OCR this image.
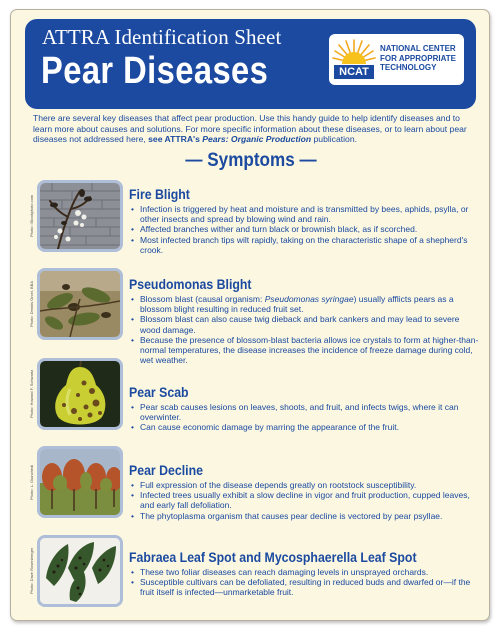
ATTRA Identification Sheet
Pear Diseases	NCAT
NATIONAL CENTER
FOR APPROPRIATE
TECHNOLOGY

There are several key diseases that affect pear production. Use this handy guide to help identify diseases and to learn more about causes and solutions. For more specific information about these diseases, or to learn about pear diseases not addressed here, see ATTRA's Pears: Organic Production publication.

— Symptoms —
Photo: iStockphoto.com
Fire Blight
• Infection is triggered by heat and moisture and is transmitted by bees, aphids, psylla, or other insects and spread by blowing wind and rain.
• Affected branches wither and turn black or brownish black, as if scorched.
• Most infected branch tips wilt rapidly, taking on the characteristic shape of a shepherd's crook.
Photo: Dennis Orcel, BBA	Pseudomonas Blight
• Blossom blast (causal organism: Pseudomonas syringae) usually afflicts pears as a blossom blight resulting in reduced fruit set.
• Blossom blast can also cause twig dieback and bark cankers and may lead to severe wood damage.
• Because the presence of blossom-blast bacteria allows ice crystals to form at higher-than-normal temperatures, the disease increases the incidence of freeze damage during cold, wet weather.
Photo: Howard F. Schwartz	Pear Scab
• Pear scab causes lesions on leaves, shoots, and fruit, and infects twigs, where it can overwinter.
• Can cause economic damage by marring the appearance of the fruit.
Photo: L. Giunchedi	Pear Decline
• Full expression of the disease depends greatly on rootstock susceptibility.
• Infected trees usually exhibit a slow decline in vigor and fruit production, cupped leaves, and early fall defoliation.
• The phytoplasma organism that causes pear decline is vectored by pear psyllae.
Photo: Dave Rosenberger	Fabraea Leaf Spot and Mycosphaerella Leaf Spot
• These two foliar diseases can reach damaging levels in unsprayed orchards.
• Susceptible cultivars can be defoliated, resulting in reduced buds and dwarfed or—if the fruit itself is infected—unmarketable fruit.
